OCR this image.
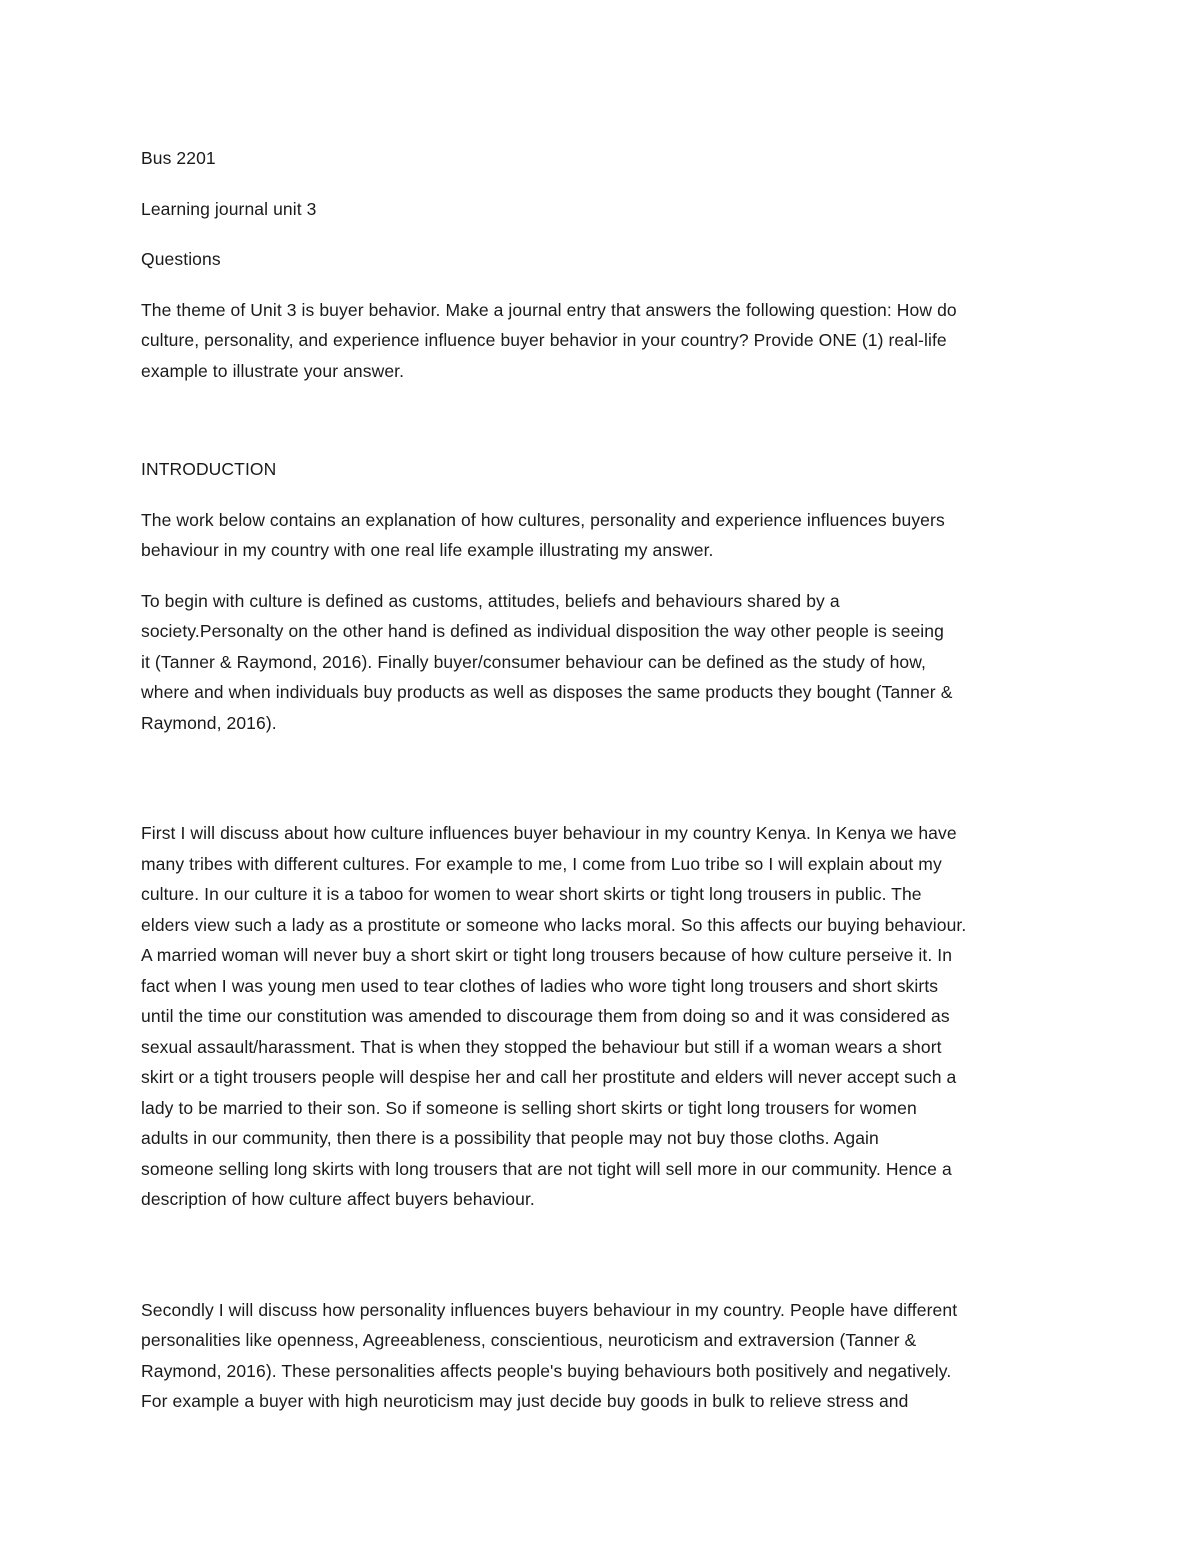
Bus 2201
Learning journal unit 3
Questions
The theme of Unit 3 is buyer behavior. Make a journal entry that answers the following question: How do
culture, personality, and experience influence buyer behavior in your country? Provide ONE (1) real-life
example to illustrate your answer.
INTRODUCTION
The work below contains an explanation of how cultures, personality and experience influences buyers
behaviour in my country with one real life example illustrating my answer.
To begin with culture is defined as customs, attitudes, beliefs and behaviours shared by a
society.Personalty on the other hand is defined as individual disposition the way other people is seeing
it (Tanner & Raymond, 2016). Finally buyer/consumer behaviour can be defined as the study of how,
where and when individuals buy products as well as disposes the same products they bought (Tanner &
Raymond, 2016).
First I will discuss about how culture influences buyer behaviour in my country Kenya. In Kenya we have
many tribes with different cultures. For example to me, I come from Luo tribe so I will explain about my
culture. In our culture it is a taboo for women to wear short skirts or tight long trousers in public. The
elders view such a lady as a prostitute or someone who lacks moral. So this affects our buying behaviour.
A married woman will never buy a short skirt or tight long trousers because of how culture perseive it. In
fact when I was young men used to tear clothes of ladies who wore tight long trousers and short skirts
until the time our constitution was amended to discourage them from doing so and it was considered as
sexual assault/harassment. That is when they stopped the behaviour but still if a woman wears a short
skirt or a tight trousers people will despise her and call her prostitute and elders will never accept such a
lady to be married to their son. So if someone is selling short skirts or tight long trousers for women
adults in our community, then there is a possibility that people may not buy those cloths. Again
someone selling long skirts with long trousers that are not tight will sell more in our community. Hence a
description of how culture affect buyers behaviour.
Secondly I will discuss how personality influences buyers behaviour in my country. People have different
personalities like openness, Agreeableness, conscientious, neuroticism and extraversion (Tanner &
Raymond, 2016). These personalities affects people's buying behaviours both positively and negatively.
For example a buyer with high neuroticism may just decide buy goods in bulk to relieve stress and
